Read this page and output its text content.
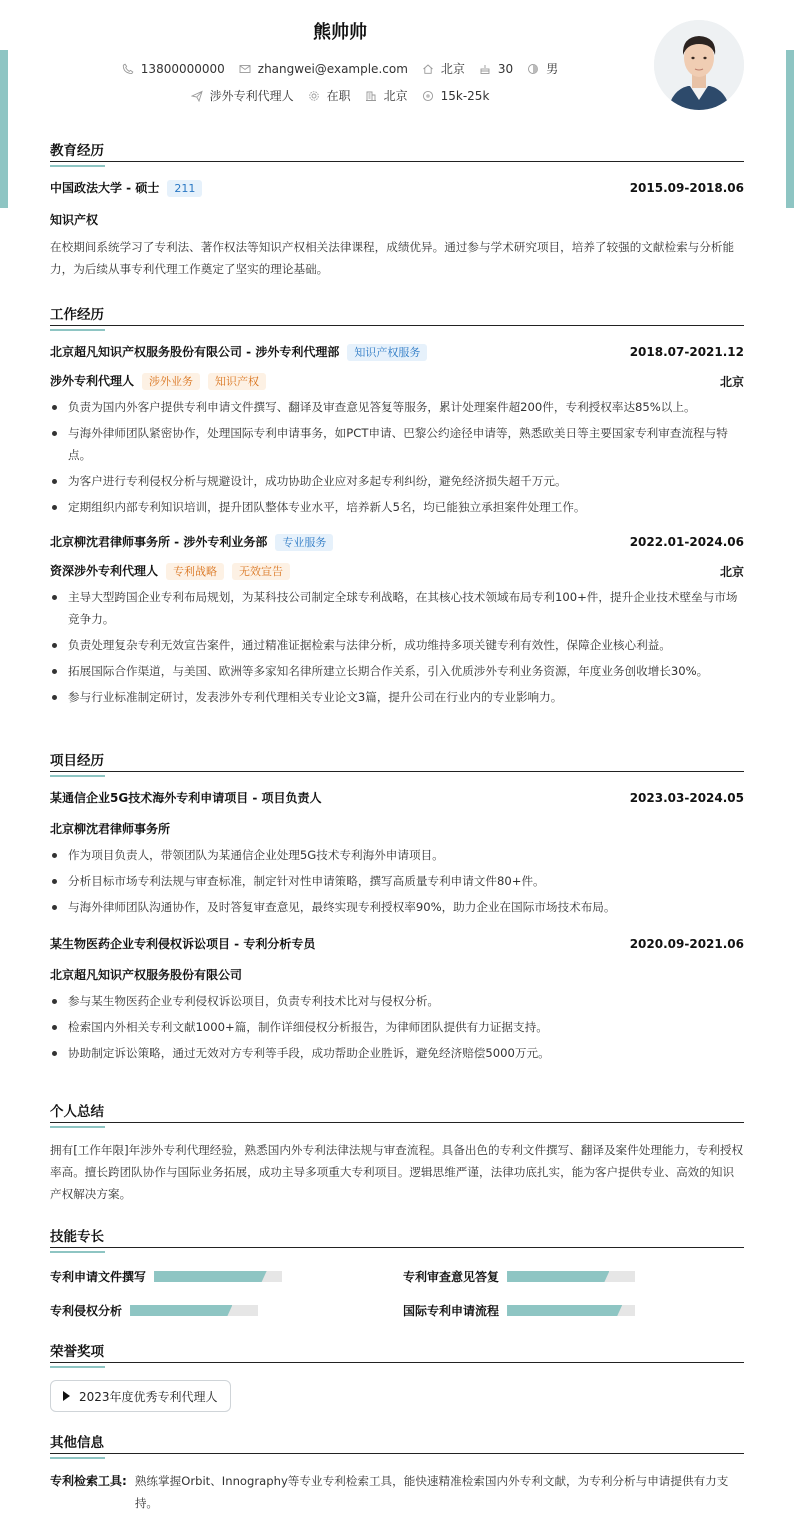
熊帅帅
13800000000	zhangwei@example.com	北京	30	男
涉外专利代理人	在职	北京	15k-25k
教育经历
中国政法大学 - 硕士 211	2015.09-2018.06
知识产权
在校期间系统学习了专利法、著作权法等知识产权相关法律课程，成绩优异。通过参与学术研究项目，培养了较强的文献检索与分析能力，为后续从事专利代理工作奠定了坚实的理论基础。
工作经历
北京超凡知识产权服务股份有限公司 - 涉外专利代理部 知识产权服务	2018.07-2021.12
涉外专利代理人 涉外业务 知识产权	北京
负责为国内外客户提供专利申请文件撰写、翻译及审查意见答复等服务，累计处理案件超200件，专利授权率达85%以上。
与海外律师团队紧密协作，处理国际专利申请事务，如PCT申请、巴黎公约途径申请等，熟悉欧美日等主要国家专利审查流程与特点。
为客户进行专利侵权分析与规避设计，成功协助企业应对多起专利纠纷，避免经济损失超千万元。
定期组织内部专利知识培训，提升团队整体专业水平，培养新人5名，均已能独立承担案件处理工作。
北京柳沈君律师事务所 - 涉外专利业务部 专业服务	2022.01-2024.06
资深涉外专利代理人 专利战略 无效宣告	北京
主导大型跨国企业专利布局规划，为某科技公司制定全球专利战略，在其核心技术领域布局专利100+件，提升企业技术壁垒与市场竞争力。
负责处理复杂专利无效宣告案件，通过精准证据检索与法律分析，成功维持多项关键专利有效性，保障企业核心利益。
拓展国际合作渠道，与美国、欧洲等多家知名律所建立长期合作关系，引入优质涉外专利业务资源，年度业务创收增长30%。
参与行业标准制定研讨，发表涉外专利代理相关专业论文3篇，提升公司在行业内的专业影响力。
项目经历
某通信企业5G技术海外专利申请项目 - 项目负责人	2023.03-2024.05
北京柳沈君律师事务所
作为项目负责人，带领团队为某通信企业处理5G技术专利海外申请项目。
分析目标市场专利法规与审查标准，制定针对性申请策略，撰写高质量专利申请文件80+件。
与海外律师团队沟通协作，及时答复审查意见，最终实现专利授权率90%，助力企业在国际市场技术布局。
某生物医药企业专利侵权诉讼项目 - 专利分析专员	2020.09-2021.06
北京超凡知识产权服务股份有限公司
参与某生物医药企业专利侵权诉讼项目，负责专利技术比对与侵权分析。
检索国内外相关专利文献1000+篇，制作详细侵权分析报告，为律师团队提供有力证据支持。
协助制定诉讼策略，通过无效对方专利等手段，成功帮助企业胜诉，避免经济赔偿5000万元。
个人总结
拥有[工作年限]年涉外专利代理经验，熟悉国内外专利法律法规与审查流程。具备出色的专利文件撰写、翻译及案件处理能力，专利授权率高。擅长跨团队协作与国际业务拓展，成功主导多项重大专利项目。逻辑思维严谨，法律功底扎实，能为客户提供专业、高效的知识产权解决方案。
技能专长
专利申请文件撰写	专利审查意见答复
专利侵权分析	国际专利申请流程
荣誉奖项
2023年度优秀专利代理人
其他信息
专利检索工具: 熟练掌握Orbit、Innography等专业专利检索工具，能快速精准检索国内外专利文献，为专利分析与申请提供有力支持。
